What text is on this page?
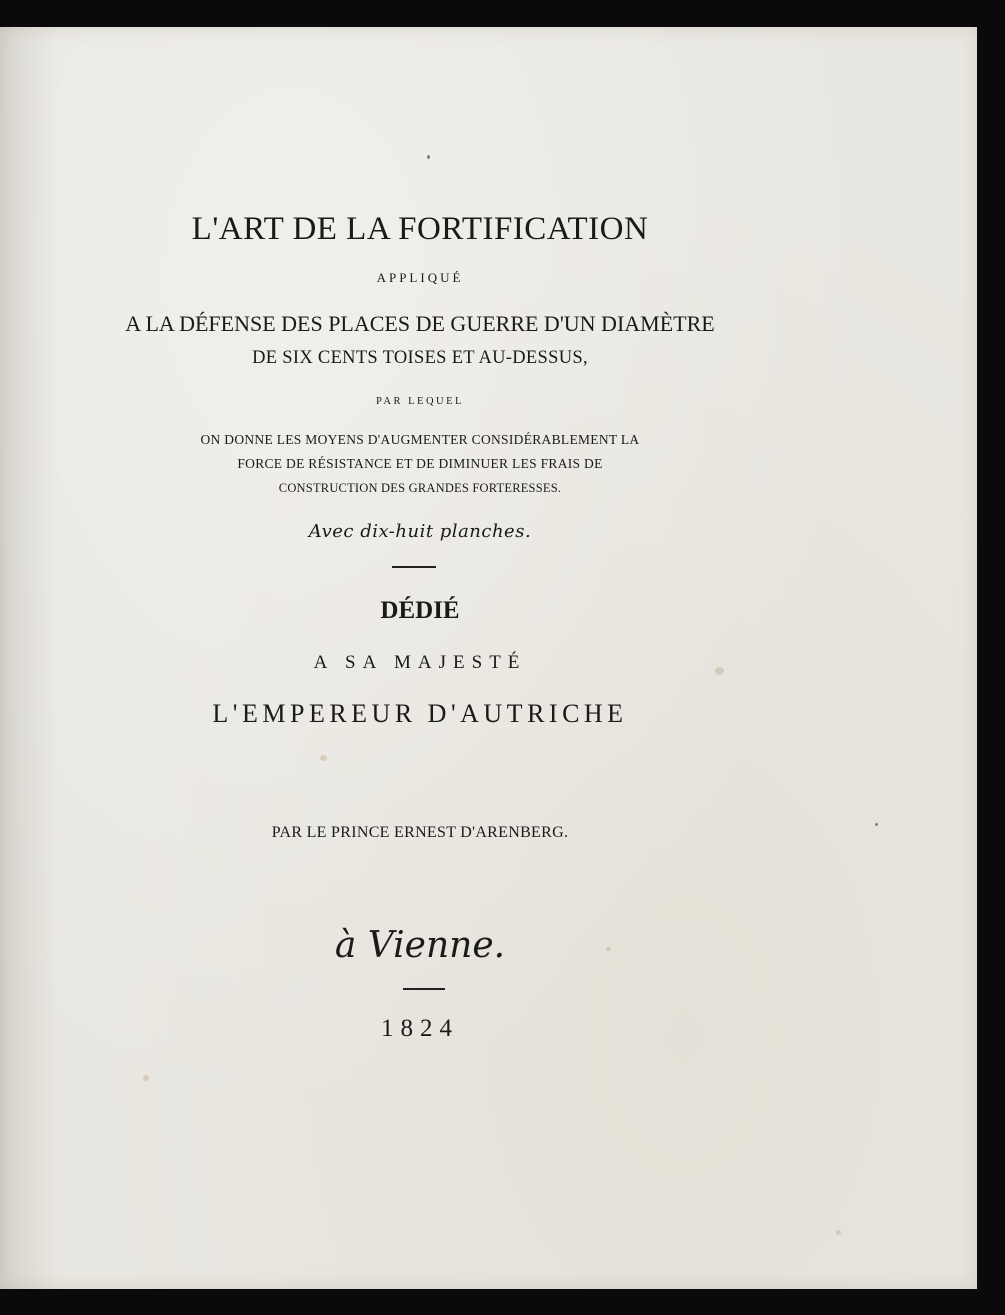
L'ART DE LA FORTIFICATION
APPLIQUÉ
A LA DÉFENSE DES PLACES DE GUERRE D'UN DIAMÈTRE
DE SIX CENTS TOISES ET AU-DESSUS,
PAR LEQUEL
ON DONNE LES MOYENS D'AUGMENTER CONSIDÉRABLEMENT LA
FORCE DE RÉSISTANCE ET DE DIMINUER LES FRAIS DE
CONSTRUCTION DES GRANDES FORTERESSES.
Avec dix-huit planches.
DÉDIÉ
A SA MAJESTÉ
L'EMPEREUR D'AUTRICHE
PAR LE PRINCE ERNEST D'ARENBERG.
à Vienne.
1824
